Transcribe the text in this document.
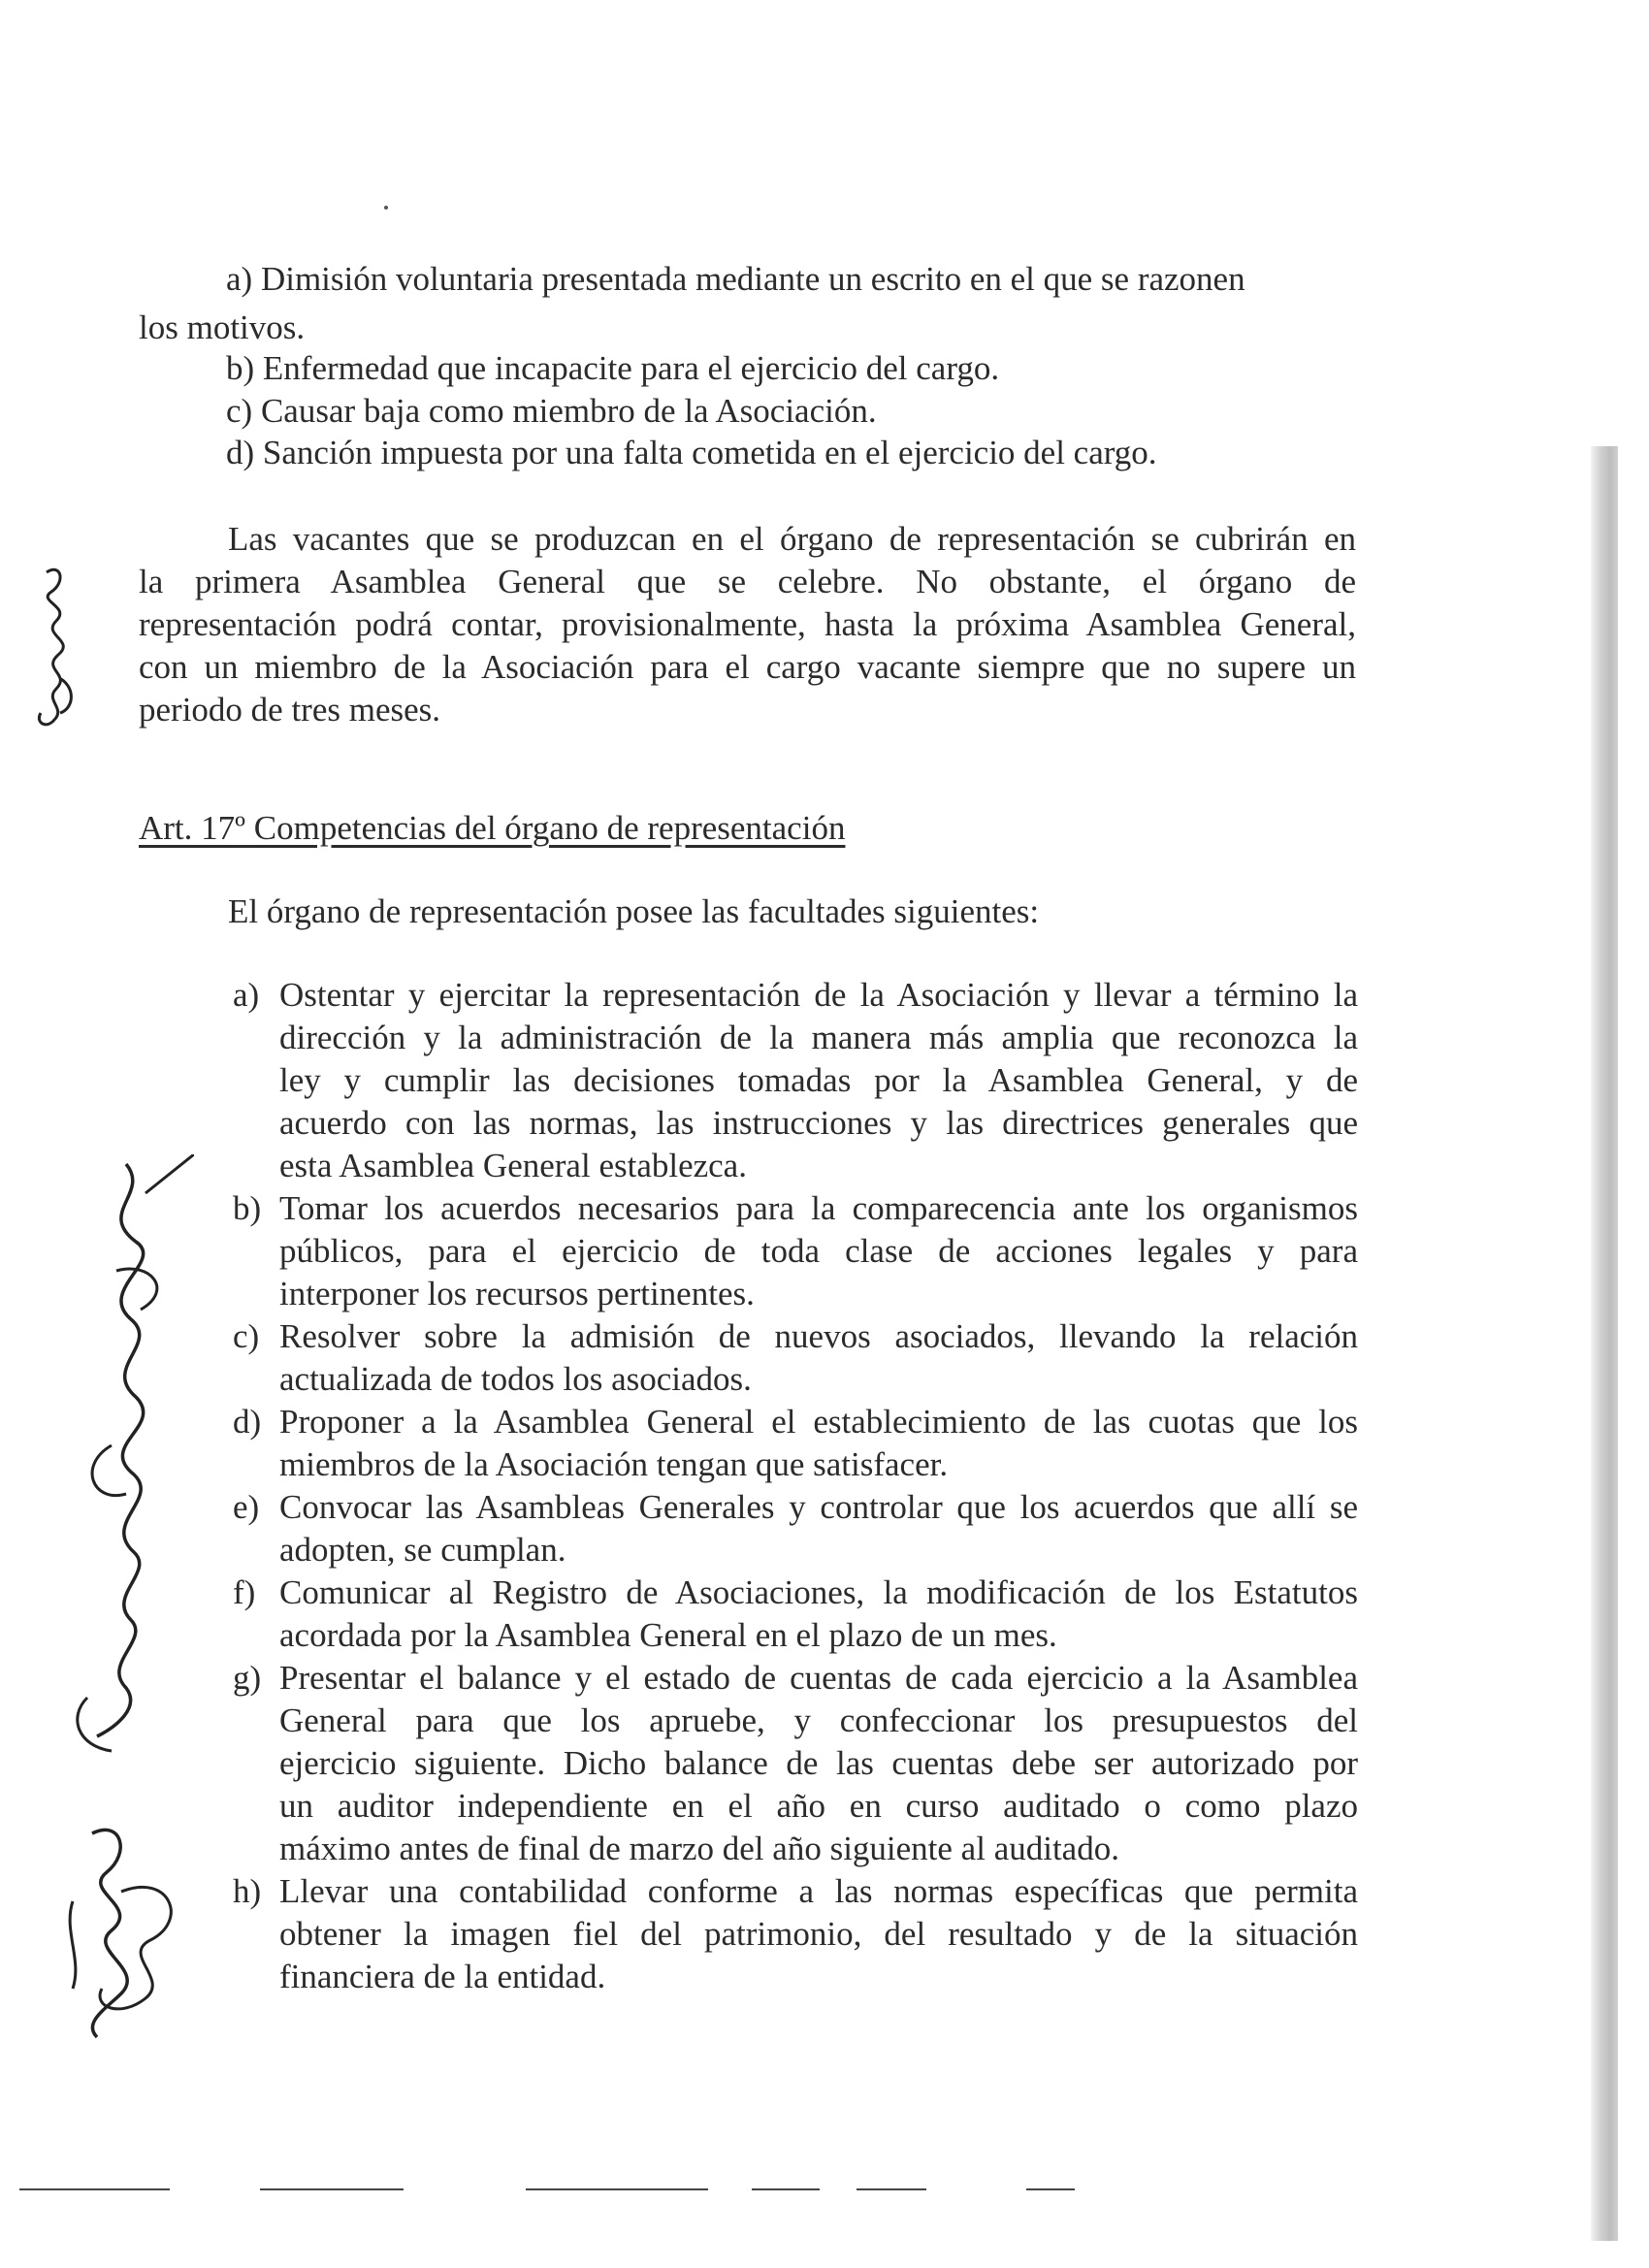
a) Dimisión voluntaria presentada mediante un escrito en el que se razonen
los motivos.
b) Enfermedad que incapacite para el ejercicio del cargo.
c) Causar baja como miembro de la Asociación.
d) Sanción impuesta por una falta cometida en el ejercicio del cargo.
Las vacantes que se produzcan en el órgano de representación se cubrirán en
la primera Asamblea General que se celebre. No obstante, el órgano de
representación podrá contar, provisionalmente, hasta la próxima Asamblea General,
con un miembro de la Asociación para el cargo vacante siempre que no supere un
periodo de tres meses.
Art. 17º Competencias del órgano de representación
El órgano de representación posee las facultades siguientes:
a) Ostentar y ejercitar la representación de la Asociación y llevar a término la
dirección y la administración de la manera más amplia que reconozca la
ley y cumplir las decisiones tomadas por la Asamblea General, y de
acuerdo con las normas, las instrucciones y las directrices generales que
esta Asamblea General establezca.
b) Tomar los acuerdos necesarios para la comparecencia ante los organismos
públicos, para el ejercicio de toda clase de acciones legales y para
interponer los recursos pertinentes.
c) Resolver sobre la admisión de nuevos asociados, llevando la relación
actualizada de todos los asociados.
d) Proponer a la Asamblea General el establecimiento de las cuotas que los
miembros de la Asociación tengan que satisfacer.
e) Convocar las Asambleas Generales y controlar que los acuerdos que allí se
adopten, se cumplan.
f) Comunicar al Registro de Asociaciones, la modificación de los Estatutos
acordada por la Asamblea General en el plazo de un mes.
g) Presentar el balance y el estado de cuentas de cada ejercicio a la Asamblea
General para que los apruebe, y confeccionar los presupuestos del
ejercicio siguiente. Dicho balance de las cuentas debe ser autorizado por
un auditor independiente en el año en curso auditado o como plazo
máximo antes de final de marzo del año siguiente al auditado.
h) Llevar una contabilidad conforme a las normas específicas que permita
obtener la imagen fiel del patrimonio, del resultado y de la situación
financiera de la entidad.
